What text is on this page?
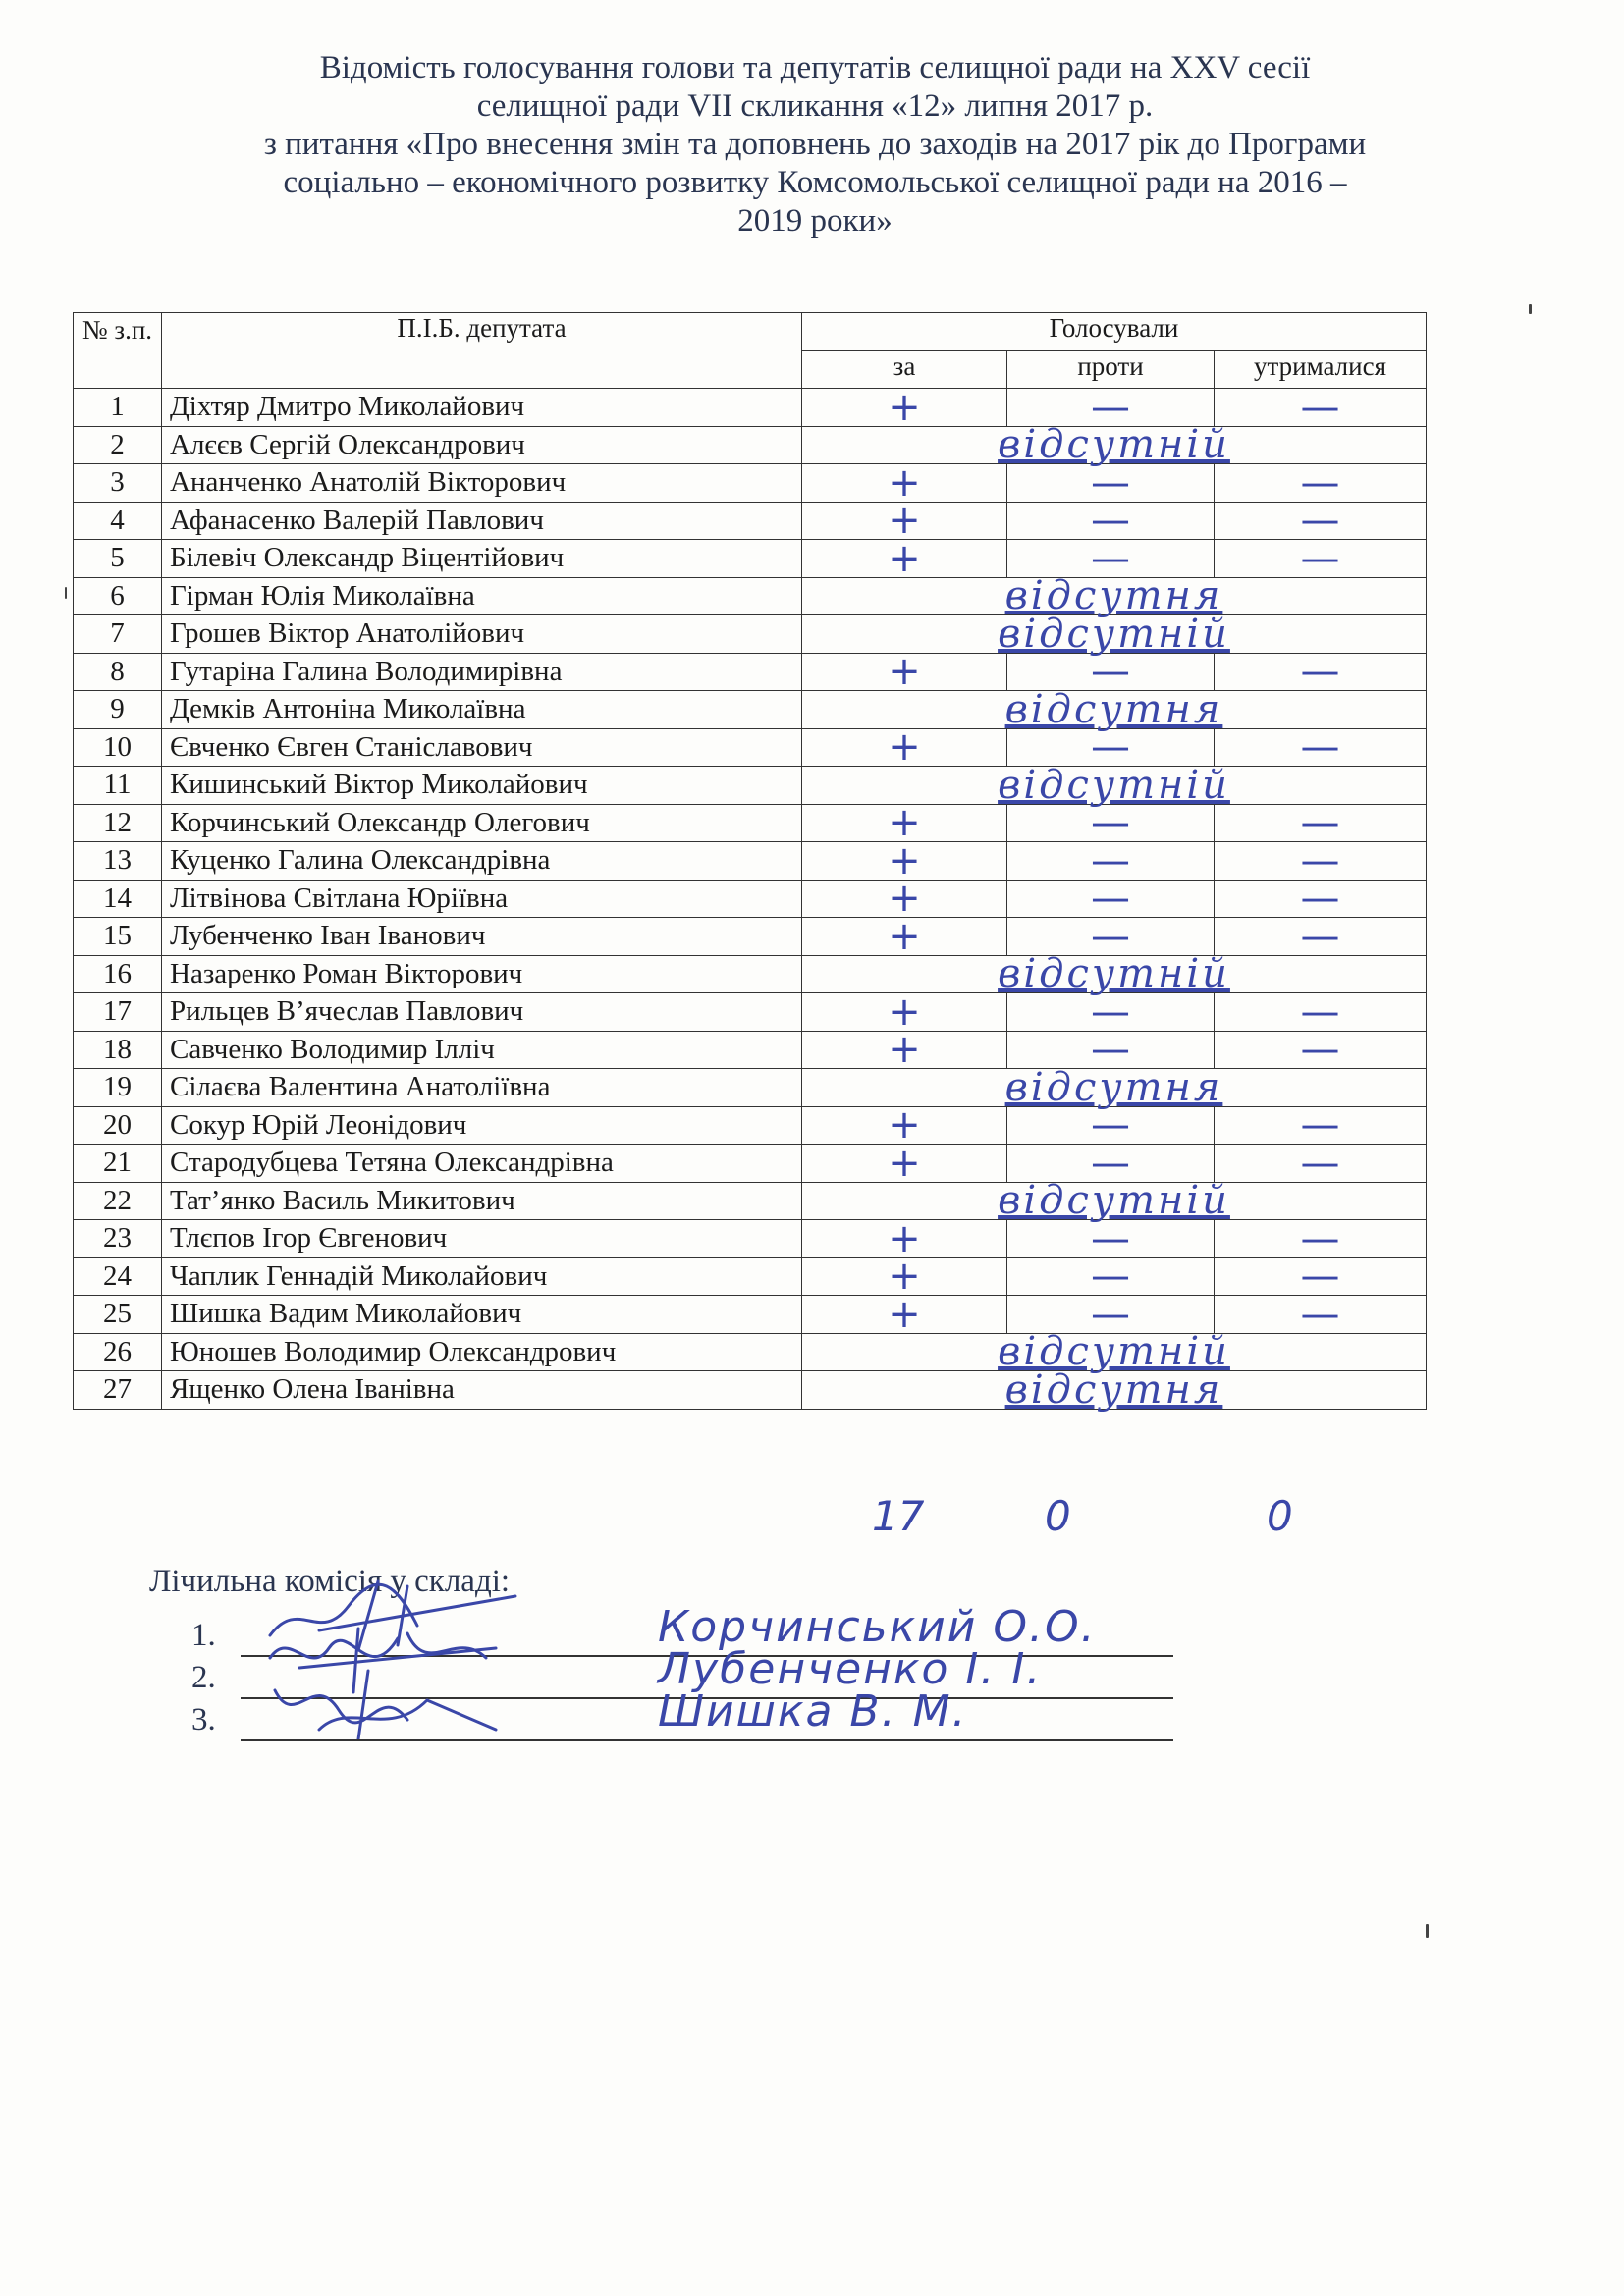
Відомість голосування голови та депутатів селищної ради на XXV сесії
селищної ради VII скликання «12» липня 2017 р.
з питання «Про внесення змін та доповнень до заходів на 2017 рік до Програми
соціально – економічного розвитку Комсомольської селищної ради на 2016 –
2019 роки»
№ з.п.	П.І.Б. депутата	Голосували		
		за	проти	утрималися
1	Діхтяр Дмитро Миколайович	+	—	—
2	Алєєв Сергій Олександрович	відсутній		
3	Ананченко Анатолій Вікторович	+	—	—
4	Афанасенко Валерій Павлович	+	—	—
5	Білевіч Олександр Віцентійович	+	—	—
6	Гірман Юлія Миколаївна	відсутня		
7	Грошев Віктор Анатолійович	відсутній		
8	Гутаріна Галина Володимирівна	+	—	—
9	Демків Антоніна Миколаївна	відсутня		
10	Євченко Євген Станіславович	+	—	—
11	Кишинський Віктор Миколайович	відсутній		
12	Корчинський Олександр Олегович	+	—	—
13	Куценко Галина Олександрівна	+	—	—
14	Літвінова Світлана Юріївна	+	—	—
15	Лубенченко Іван Іванович	+	—	—
16	Назаренко Роман Вікторович	відсутній		
17	Рильцев В’ячеслав Павлович	+	—	—
18	Савченко Володимир Ілліч	+	—	—
19	Сілаєва Валентина Анатоліївна	відсутня		
20	Сокур Юрій Леонідович	+	—	—
21	Стародубцева Тетяна Олександрівна	+	—	—
22	Тат’янко Василь Микитович	відсутній		
23	Тлєпов Ігор Євгенович	+	—	—
24	Чаплик Геннадій Миколайович	+	—	—
25	Шишка Вадим Миколайович	+	—	—
26	Юношев Володимир Олександрович	відсутній		
27	Ященко Олена Іванівна	відсутня		
17	0	0
Лічильна комісія у складі:
1.	Корчинський О.О.
2.	Лубенченко І. І.
3.	Шишка В. М.
